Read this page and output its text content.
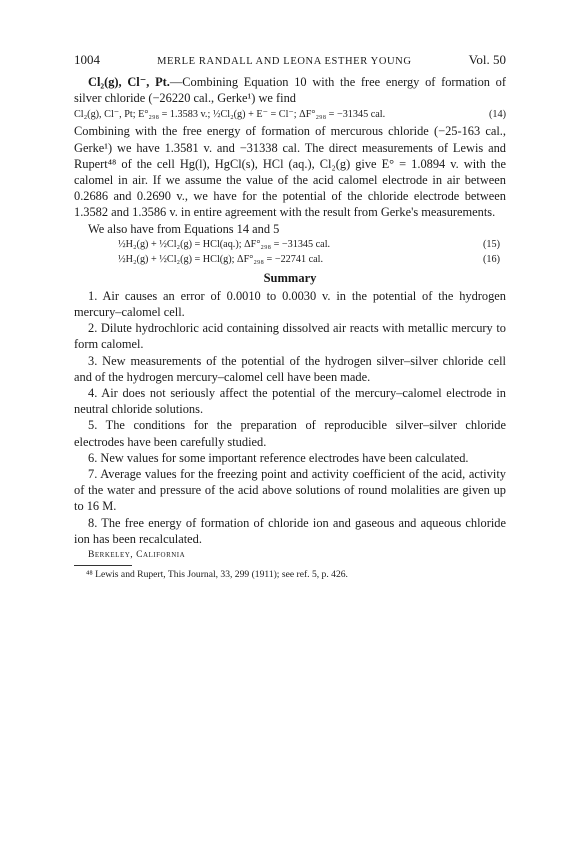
1004	MERLE RANDALL AND LEONA ESTHER YOUNG	Vol. 50

Cl₂(g), Cl⁻, Pt.—Combining Equation 10 with the free energy of formation of silver chloride (−26220 cal., Gerke¹) we find

Cl₂(g), Cl⁻, Pt; E°₂₉₈ = 1.3583 v.; ½Cl₂(g) + E⁻ = Cl⁻; ΔF°₂₉₈ = −31345 cal.	(14)

Combining with the free energy of formation of mercurous chloride (−25-163 cal., Gerke¹) we have 1.3581 v. and −31338 cal. The direct measurements of Lewis and Rupert⁴⁸ of the cell Hg(l), HgCl(s), HCl (aq.), Cl₂(g) give E° = 1.0894 v. with the calomel in air. If we assume the value of the acid calomel electrode in air between 0.2686 and 0.2690 v., we have for the potential of the chloride electrode between 1.3582 and 1.3586 v. in entire agreement with the result from Gerke's measurements.

We also have from Equations 14 and 5

½H₂(g) + ½Cl₂(g) = HCl(aq.); ΔF°₂₉₈ = −31345 cal.	(15)
½H₂(g) + ½Cl₂(g) = HCl(g); ΔF°₂₉₈ = −22741 cal.	(16)
Summary

1. Air causes an error of 0.0010 to 0.0030 v. in the potential of the hydrogen mercury–calomel cell.

2. Dilute hydrochloric acid containing dissolved air reacts with metallic mercury to form calomel.

3. New measurements of the potential of the hydrogen silver–silver chloride cell and of the hydrogen mercury–calomel cell have been made.

4. Air does not seriously affect the potential of the mercury–calomel electrode in neutral chloride solutions.

5. The conditions for the preparation of reproducible silver–silver chloride electrodes have been carefully studied.

6. New values for some important reference electrodes have been calculated.

7. Average values for the freezing point and activity coefficient of the acid, activity of the water and pressure of the acid above solutions of round molalities are given up to 16 M.

8. The free energy of formation of chloride ion and gaseous and aqueous chloride ion has been recalculated.

Berkeley, California
⁴⁸ Lewis and Rupert, This Journal, 33, 299 (1911); see ref. 5, p. 426.
